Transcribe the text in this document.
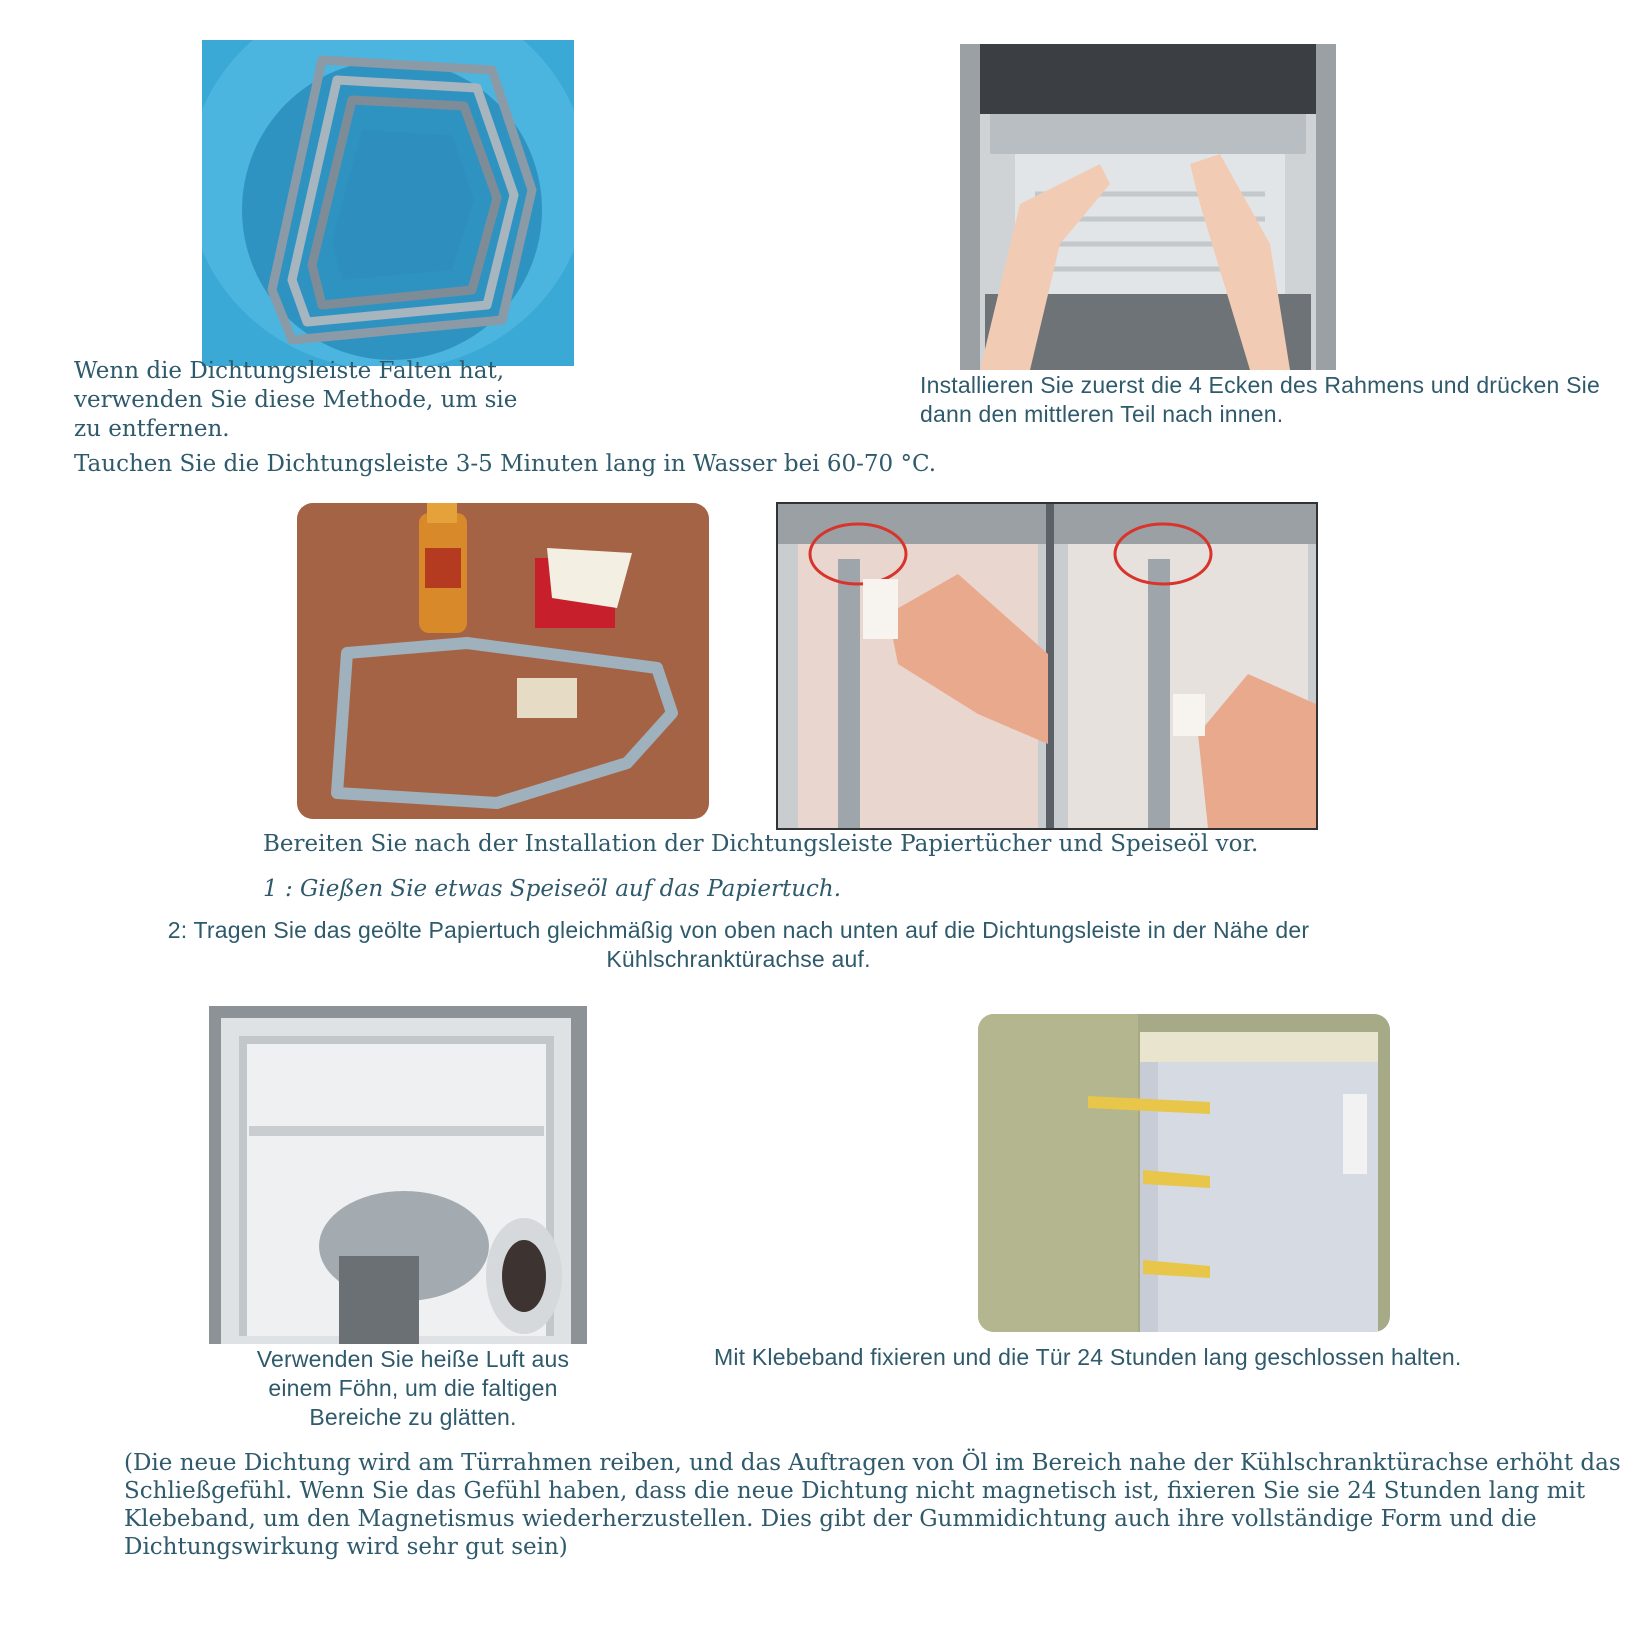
Wenn die Dichtungsleiste Falten hat, verwenden Sie diese Methode, um sie zu entfernen.
Tauchen Sie die Dichtungsleiste 3-5 Minuten lang in Wasser bei 60-70 °C.
Installieren Sie zuerst die 4 Ecken des Rahmens und drücken Sie dann den mittleren Teil nach innen.
Bereiten Sie nach der Installation der Dichtungsleiste Papiertücher und Speiseöl vor.
1 : Gießen Sie etwas Speiseöl auf das Papiertuch.
2: Tragen Sie das geölte Papiertuch gleichmäßig von oben nach unten auf die Dichtungsleiste in der Nähe der Kühlschranktürachse auf.
Verwenden Sie heiße Luft aus einem Föhn, um die faltigen Bereiche zu glätten.
Mit Klebeband fixieren und die Tür 24 Stunden lang geschlossen halten.
(Die neue Dichtung wird am Türrahmen reiben, und das Auftragen von Öl im Bereich nahe der Kühlschranktürachse erhöht das Schließgefühl. Wenn Sie das Gefühl haben, dass die neue Dichtung nicht magnetisch ist, fixieren Sie sie 24 Stunden lang mit Klebeband, um den Magnetismus wiederherzustellen. Dies gibt der Gummidichtung auch ihre vollständige Form und die Dichtungswirkung wird sehr gut sein)
